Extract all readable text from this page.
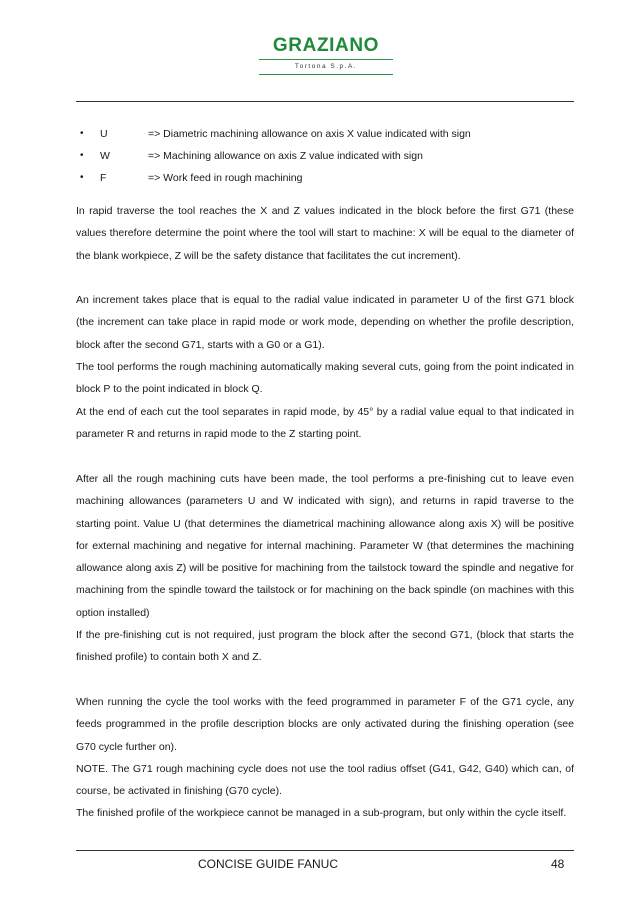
GRAZIANO
Tortona S.p.A.
• U	=> Diametric machining allowance on axis X value indicated with sign
• W	=> Machining allowance on axis Z value indicated with sign
• F	=> Work feed in rough machining

In rapid traverse the tool reaches the X and Z values indicated in the block before the first G71 (these values therefore determine the point where the tool will start to machine: X will be equal to the diameter of the blank workpiece, Z will be the safety distance that facilitates the cut increment).

An increment takes place that is equal to the radial value indicated in parameter U of the first G71 block (the increment can take place in rapid mode or work mode, depending on whether the profile description, block after the second G71, starts with a G0 or a G1).

The tool performs the rough machining automatically making several cuts, going from the point indicated in block P to the point indicated in block Q.

At the end of each cut the tool separates in rapid mode, by 45° by a radial value equal to that indicated in parameter R and returns in rapid mode to the Z starting point.

After all the rough machining cuts have been made, the tool performs a pre-finishing cut to leave even machining allowances (parameters U and W indicated with sign), and returns in rapid traverse to the starting point. Value U (that determines the diametrical machining allowance along axis X) will be positive for external machining and negative for internal machining. Parameter W (that determines the machining allowance along axis Z) will be positive for machining from the tailstock toward the spindle and negative for machining from the spindle toward the tailstock or for machining on the back spindle (on machines with this option installed)

If the pre-finishing cut is not required, just program the block after the second G71, (block that starts the finished profile) to contain both X and Z.

When running the cycle the tool works with the feed programmed in parameter F of the G71 cycle, any feeds programmed in the profile description blocks are only activated during the finishing operation (see G70 cycle further on).

NOTE. The G71 rough machining cycle does not use the tool radius offset (G41, G42, G40) which can, of course, be activated in finishing (G70 cycle).

The finished profile of the workpiece cannot be managed in a sub-program, but only within the cycle itself.

CONCISE GUIDE FANUC	48
